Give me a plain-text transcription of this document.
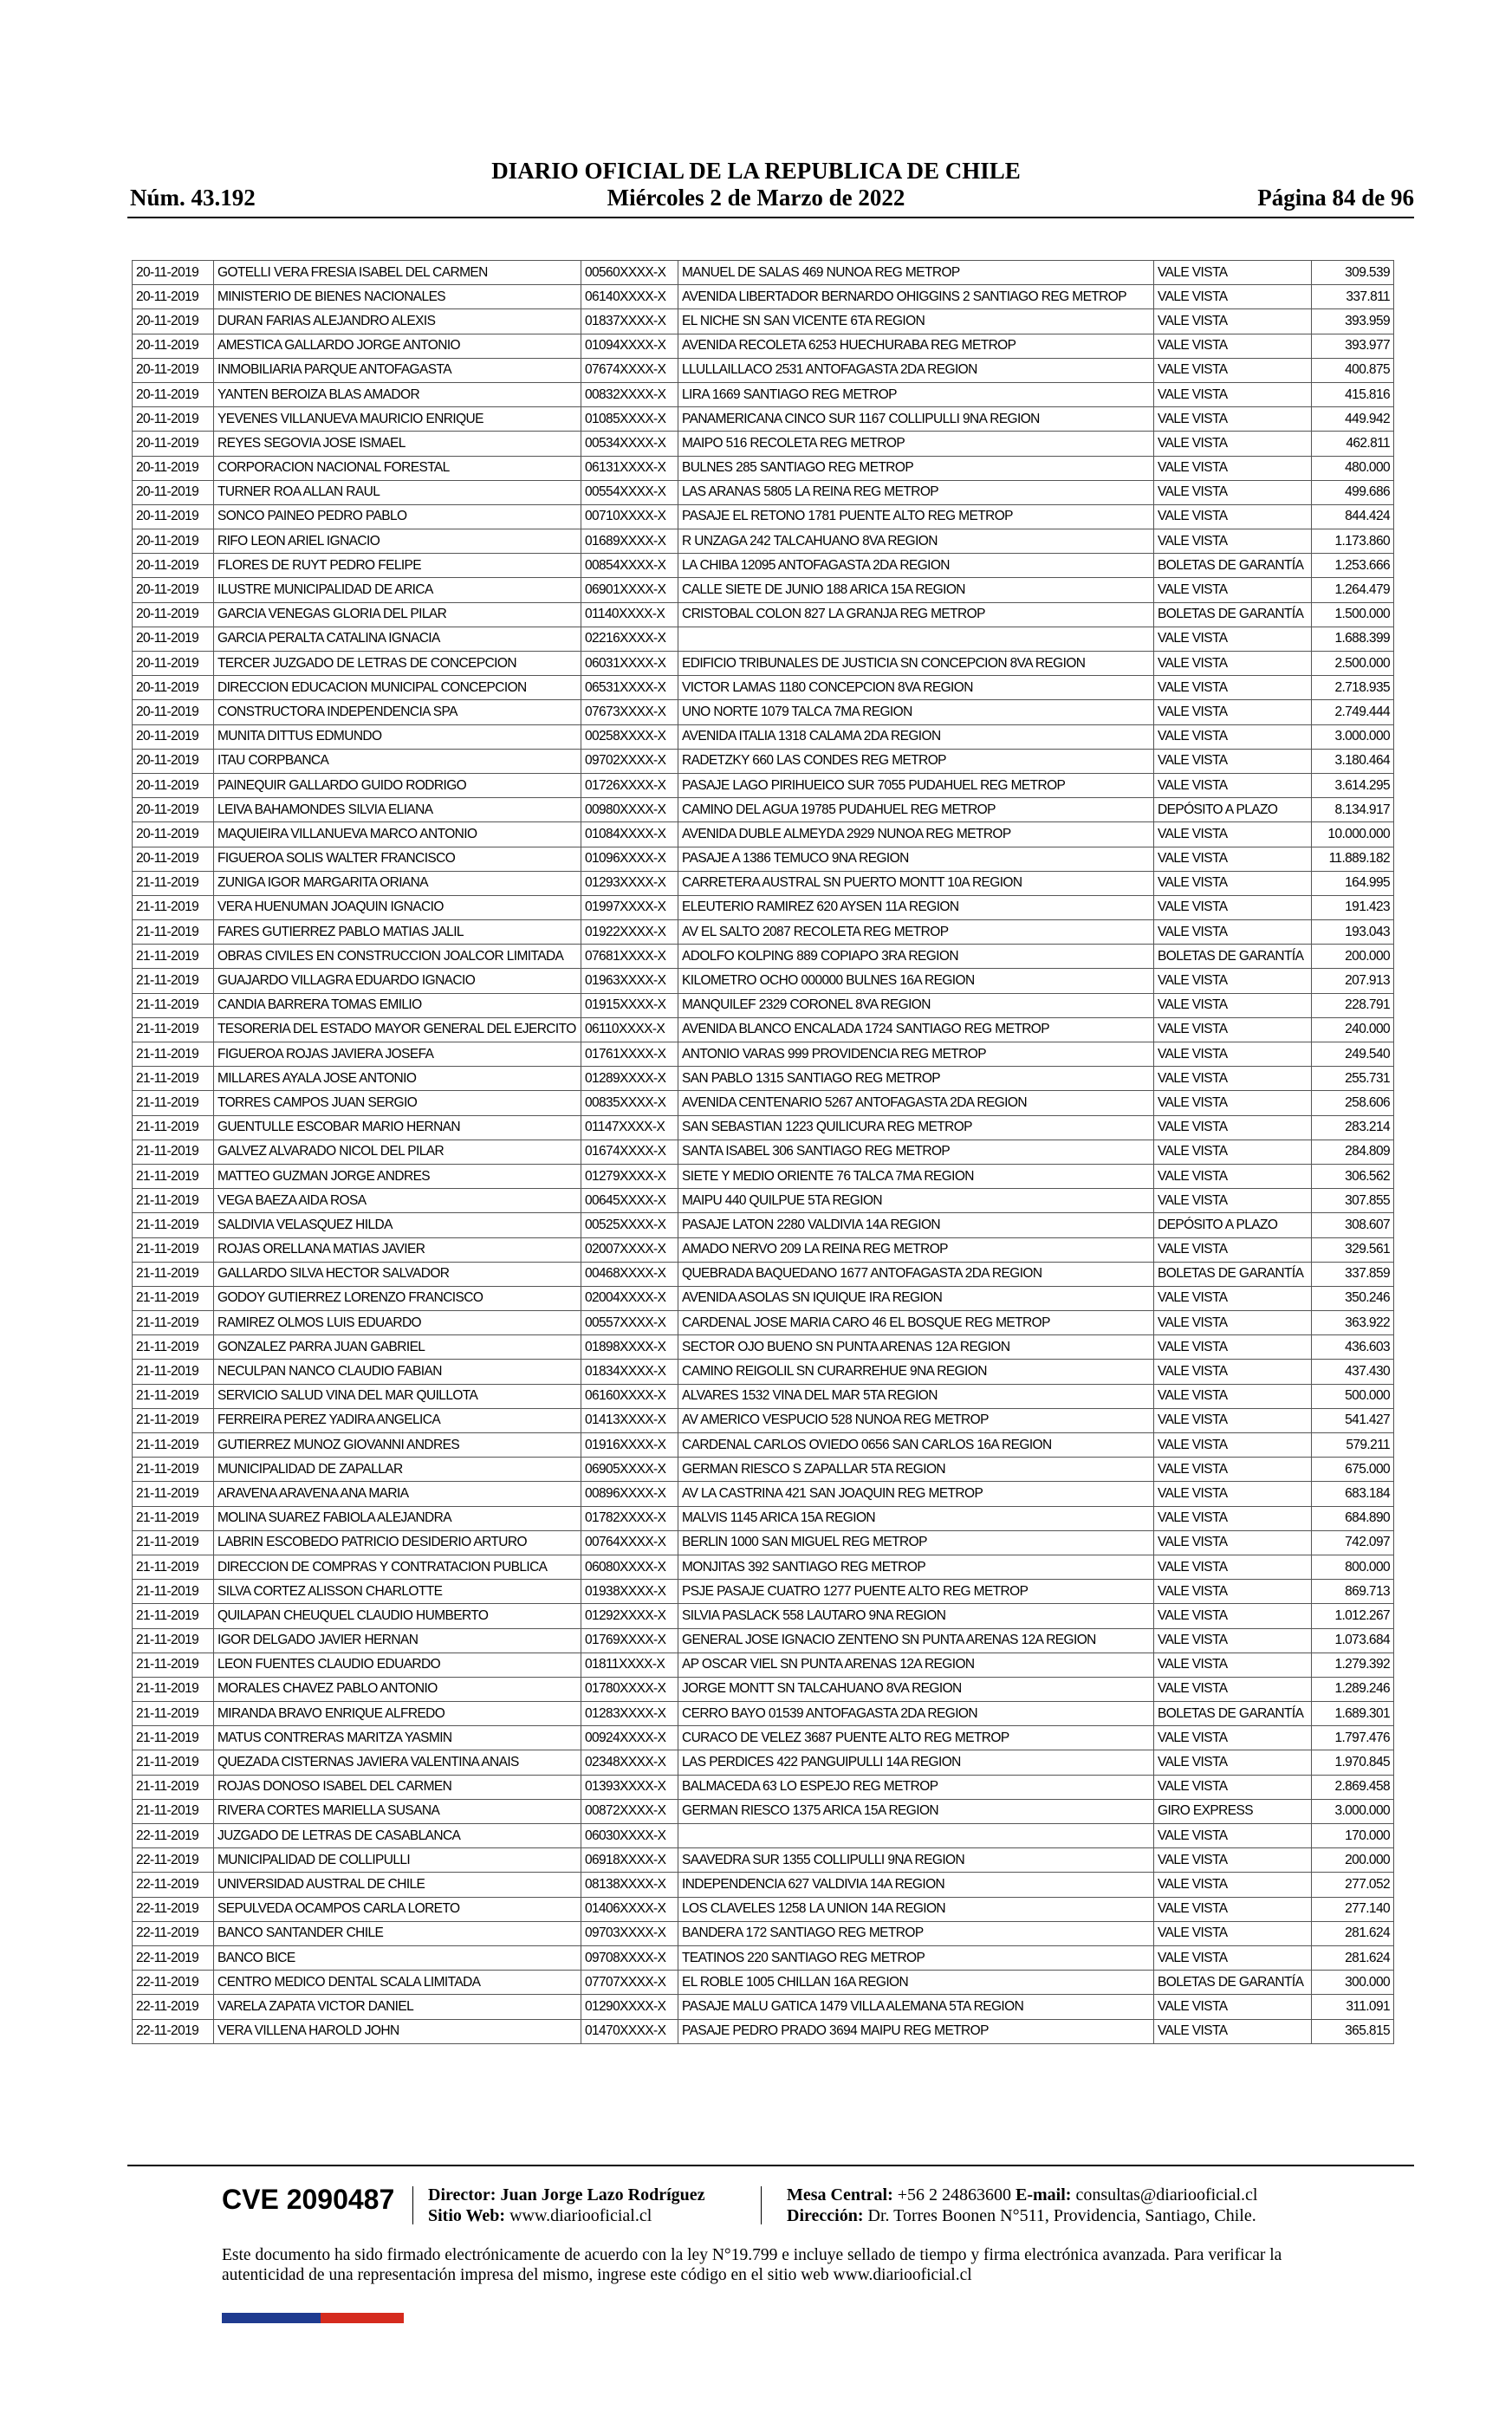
Núm. 43.192
DIARIO OFICIAL DE LA REPUBLICA DE CHILE
Miércoles 2 de Marzo de 2022	Página 84 de 96
20-11-2019	GOTELLI VERA FRESIA ISABEL DEL CARMEN	00560XXXX-X	MANUEL DE SALAS 469 NUNOA REG METROP	VALE VISTA	309.539
20-11-2019	MINISTERIO DE BIENES NACIONALES	06140XXXX-X	AVENIDA LIBERTADOR BERNARDO OHIGGINS 2 SANTIAGO REG METROP	VALE VISTA	337.811
20-11-2019	DURAN FARIAS ALEJANDRO ALEXIS	01837XXXX-X	EL NICHE SN SAN VICENTE 6TA REGION	VALE VISTA	393.959
20-11-2019	AMESTICA GALLARDO JORGE ANTONIO	01094XXXX-X	AVENIDA RECOLETA 6253 HUECHURABA REG METROP	VALE VISTA	393.977
20-11-2019	INMOBILIARIA PARQUE ANTOFAGASTA	07674XXXX-X	LLULLAILLACO 2531 ANTOFAGASTA 2DA REGION	VALE VISTA	400.875
20-11-2019	YANTEN BEROIZA BLAS AMADOR	00832XXXX-X	LIRA 1669 SANTIAGO REG METROP	VALE VISTA	415.816
20-11-2019	YEVENES VILLANUEVA MAURICIO ENRIQUE	01085XXXX-X	PANAMERICANA CINCO SUR 1167 COLLIPULLI 9NA REGION	VALE VISTA	449.942
20-11-2019	REYES SEGOVIA JOSE ISMAEL	00534XXXX-X	MAIPO 516 RECOLETA REG METROP	VALE VISTA	462.811
20-11-2019	CORPORACION NACIONAL FORESTAL	06131XXXX-X	BULNES 285 SANTIAGO REG METROP	VALE VISTA	480.000
20-11-2019	TURNER ROA ALLAN RAUL	00554XXXX-X	LAS ARANAS 5805 LA REINA REG METROP	VALE VISTA	499.686
20-11-2019	SONCO PAINEO PEDRO PABLO	00710XXXX-X	PASAJE EL RETONO 1781 PUENTE ALTO REG METROP	VALE VISTA	844.424
20-11-2019	RIFO LEON ARIEL IGNACIO	01689XXXX-X	R UNZAGA 242 TALCAHUANO 8VA REGION	VALE VISTA	1.173.860
20-11-2019	FLORES DE RUYT PEDRO FELIPE	00854XXXX-X	LA CHIBA 12095 ANTOFAGASTA 2DA REGION	BOLETAS DE GARANTÍA	1.253.666
20-11-2019	ILUSTRE MUNICIPALIDAD DE ARICA	06901XXXX-X	CALLE SIETE DE JUNIO 188 ARICA 15A REGION	VALE VISTA	1.264.479
20-11-2019	GARCIA VENEGAS GLORIA DEL PILAR	01140XXXX-X	CRISTOBAL COLON 827 LA GRANJA REG METROP	BOLETAS DE GARANTÍA	1.500.000
20-11-2019	GARCIA PERALTA CATALINA IGNACIA	02216XXXX-X		VALE VISTA	1.688.399
20-11-2019	TERCER JUZGADO DE LETRAS DE CONCEPCION	06031XXXX-X	EDIFICIO TRIBUNALES DE JUSTICIA SN CONCEPCION 8VA REGION	VALE VISTA	2.500.000
20-11-2019	DIRECCION EDUCACION MUNICIPAL CONCEPCION	06531XXXX-X	VICTOR LAMAS 1180 CONCEPCION 8VA REGION	VALE VISTA	2.718.935
20-11-2019	CONSTRUCTORA INDEPENDENCIA SPA	07673XXXX-X	UNO NORTE 1079 TALCA 7MA REGION	VALE VISTA	2.749.444
20-11-2019	MUNITA DITTUS EDMUNDO	00258XXXX-X	AVENIDA ITALIA 1318 CALAMA 2DA REGION	VALE VISTA	3.000.000
20-11-2019	ITAU CORPBANCA	09702XXXX-X	RADETZKY 660 LAS CONDES REG METROP	VALE VISTA	3.180.464
20-11-2019	PAINEQUIR GALLARDO GUIDO RODRIGO	01726XXXX-X	PASAJE LAGO PIRIHUEICO SUR 7055 PUDAHUEL REG METROP	VALE VISTA	3.614.295
20-11-2019	LEIVA BAHAMONDES SILVIA ELIANA	00980XXXX-X	CAMINO DEL AGUA 19785 PUDAHUEL REG METROP	DEPÓSITO A PLAZO	8.134.917
20-11-2019	MAQUIEIRA VILLANUEVA MARCO ANTONIO	01084XXXX-X	AVENIDA DUBLE ALMEYDA 2929 NUNOA REG METROP	VALE VISTA	10.000.000
20-11-2019	FIGUEROA SOLIS WALTER FRANCISCO	01096XXXX-X	PASAJE A 1386 TEMUCO 9NA REGION	VALE VISTA	11.889.182
21-11-2019	ZUNIGA IGOR MARGARITA ORIANA	01293XXXX-X	CARRETERA AUSTRAL SN PUERTO MONTT 10A REGION	VALE VISTA	164.995
21-11-2019	VERA HUENUMAN JOAQUIN IGNACIO	01997XXXX-X	ELEUTERIO RAMIREZ 620 AYSEN 11A REGION	VALE VISTA	191.423
21-11-2019	FARES GUTIERREZ PABLO MATIAS JALIL	01922XXXX-X	AV EL SALTO 2087 RECOLETA REG METROP	VALE VISTA	193.043
21-11-2019	OBRAS CIVILES EN CONSTRUCCION JOALCOR LIMITADA	07681XXXX-X	ADOLFO KOLPING 889 COPIAPO 3RA REGION	BOLETAS DE GARANTÍA	200.000
21-11-2019	GUAJARDO VILLAGRA EDUARDO IGNACIO	01963XXXX-X	KILOMETRO OCHO 000000 BULNES 16A REGION	VALE VISTA	207.913
21-11-2019	CANDIA BARRERA TOMAS EMILIO	01915XXXX-X	MANQUILEF 2329 CORONEL 8VA REGION	VALE VISTA	228.791
21-11-2019	TESORERIA DEL ESTADO MAYOR GENERAL DEL EJERCITO	06110XXXX-X	AVENIDA BLANCO ENCALADA 1724 SANTIAGO REG METROP	VALE VISTA	240.000
21-11-2019	FIGUEROA ROJAS JAVIERA JOSEFA	01761XXXX-X	ANTONIO VARAS 999 PROVIDENCIA REG METROP	VALE VISTA	249.540
21-11-2019	MILLARES AYALA JOSE ANTONIO	01289XXXX-X	SAN PABLO 1315 SANTIAGO REG METROP	VALE VISTA	255.731
21-11-2019	TORRES CAMPOS JUAN SERGIO	00835XXXX-X	AVENIDA CENTENARIO 5267 ANTOFAGASTA 2DA REGION	VALE VISTA	258.606
21-11-2019	GUENTULLE ESCOBAR MARIO HERNAN	01147XXXX-X	SAN SEBASTIAN 1223 QUILICURA REG METROP	VALE VISTA	283.214
21-11-2019	GALVEZ ALVARADO NICOL DEL PILAR	01674XXXX-X	SANTA ISABEL 306 SANTIAGO REG METROP	VALE VISTA	284.809
21-11-2019	MATTEO GUZMAN JORGE ANDRES	01279XXXX-X	SIETE Y MEDIO ORIENTE 76 TALCA 7MA REGION	VALE VISTA	306.562
21-11-2019	VEGA BAEZA AIDA ROSA	00645XXXX-X	MAIPU 440 QUILPUE 5TA REGION	VALE VISTA	307.855
21-11-2019	SALDIVIA VELASQUEZ HILDA	00525XXXX-X	PASAJE LATON 2280 VALDIVIA 14A REGION	DEPÓSITO A PLAZO	308.607
21-11-2019	ROJAS ORELLANA MATIAS JAVIER	02007XXXX-X	AMADO NERVO 209 LA REINA REG METROP	VALE VISTA	329.561
21-11-2019	GALLARDO SILVA HECTOR SALVADOR	00468XXXX-X	QUEBRADA BAQUEDANO 1677 ANTOFAGASTA 2DA REGION	BOLETAS DE GARANTÍA	337.859
21-11-2019	GODOY GUTIERREZ LORENZO FRANCISCO	02004XXXX-X	AVENIDA ASOLAS SN IQUIQUE IRA REGION	VALE VISTA	350.246
21-11-2019	RAMIREZ OLMOS LUIS EDUARDO	00557XXXX-X	CARDENAL JOSE MARIA CARO 46 EL BOSQUE REG METROP	VALE VISTA	363.922
21-11-2019	GONZALEZ PARRA JUAN GABRIEL	01898XXXX-X	SECTOR OJO BUENO SN PUNTA ARENAS 12A REGION	VALE VISTA	436.603
21-11-2019	NECULPAN NANCO CLAUDIO FABIAN	01834XXXX-X	CAMINO REIGOLIL SN CURARREHUE 9NA REGION	VALE VISTA	437.430
21-11-2019	SERVICIO SALUD VINA DEL MAR QUILLOTA	06160XXXX-X	ALVARES 1532 VINA DEL MAR 5TA REGION	VALE VISTA	500.000
21-11-2019	FERREIRA PEREZ YADIRA ANGELICA	01413XXXX-X	AV AMERICO VESPUCIO 528 NUNOA REG METROP	VALE VISTA	541.427
21-11-2019	GUTIERREZ MUNOZ GIOVANNI ANDRES	01916XXXX-X	CARDENAL CARLOS OVIEDO 0656 SAN CARLOS 16A REGION	VALE VISTA	579.211
21-11-2019	MUNICIPALIDAD DE ZAPALLAR	06905XXXX-X	GERMAN RIESCO S ZAPALLAR 5TA REGION	VALE VISTA	675.000
21-11-2019	ARAVENA ARAVENA ANA MARIA	00896XXXX-X	AV LA CASTRINA 421 SAN JOAQUIN REG METROP	VALE VISTA	683.184
21-11-2019	MOLINA SUAREZ FABIOLA ALEJANDRA	01782XXXX-X	MALVIS 1145 ARICA 15A REGION	VALE VISTA	684.890
21-11-2019	LABRIN ESCOBEDO PATRICIO DESIDERIO ARTURO	00764XXXX-X	BERLIN 1000 SAN MIGUEL REG METROP	VALE VISTA	742.097
21-11-2019	DIRECCION DE COMPRAS Y CONTRATACION PUBLICA	06080XXXX-X	MONJITAS 392 SANTIAGO REG METROP	VALE VISTA	800.000
21-11-2019	SILVA CORTEZ ALISSON CHARLOTTE	01938XXXX-X	PSJE PASAJE CUATRO 1277 PUENTE ALTO REG METROP	VALE VISTA	869.713
21-11-2019	QUILAPAN CHEUQUEL CLAUDIO HUMBERTO	01292XXXX-X	SILVIA PASLACK 558 LAUTARO 9NA REGION	VALE VISTA	1.012.267
21-11-2019	IGOR DELGADO JAVIER HERNAN	01769XXXX-X	GENERAL JOSE IGNACIO ZENTENO SN PUNTA ARENAS 12A REGION	VALE VISTA	1.073.684
21-11-2019	LEON FUENTES CLAUDIO EDUARDO	01811XXXX-X	AP OSCAR VIEL SN PUNTA ARENAS 12A REGION	VALE VISTA	1.279.392
21-11-2019	MORALES CHAVEZ PABLO ANTONIO	01780XXXX-X	JORGE MONTT SN TALCAHUANO 8VA REGION	VALE VISTA	1.289.246
21-11-2019	MIRANDA BRAVO ENRIQUE ALFREDO	01283XXXX-X	CERRO BAYO 01539 ANTOFAGASTA 2DA REGION	BOLETAS DE GARANTÍA	1.689.301
21-11-2019	MATUS CONTRERAS MARITZA YASMIN	00924XXXX-X	CURACO DE VELEZ 3687 PUENTE ALTO REG METROP	VALE VISTA	1.797.476
21-11-2019	QUEZADA CISTERNAS JAVIERA VALENTINA ANAIS	02348XXXX-X	LAS PERDICES 422 PANGUIPULLI 14A REGION	VALE VISTA	1.970.845
21-11-2019	ROJAS DONOSO ISABEL DEL CARMEN	01393XXXX-X	BALMACEDA 63 LO ESPEJO REG METROP	VALE VISTA	2.869.458
21-11-2019	RIVERA CORTES MARIELLA SUSANA	00872XXXX-X	GERMAN RIESCO 1375 ARICA 15A REGION	GIRO EXPRESS	3.000.000
22-11-2019	JUZGADO DE LETRAS DE CASABLANCA	06030XXXX-X		VALE VISTA	170.000
22-11-2019	MUNICIPALIDAD DE COLLIPULLI	06918XXXX-X	SAAVEDRA SUR 1355 COLLIPULLI 9NA REGION	VALE VISTA	200.000
22-11-2019	UNIVERSIDAD AUSTRAL DE CHILE	08138XXXX-X	INDEPENDENCIA 627 VALDIVIA 14A REGION	VALE VISTA	277.052
22-11-2019	SEPULVEDA OCAMPOS CARLA LORETO	01406XXXX-X	LOS CLAVELES 1258 LA UNION 14A REGION	VALE VISTA	277.140
22-11-2019	BANCO SANTANDER CHILE	09703XXXX-X	BANDERA 172 SANTIAGO REG METROP	VALE VISTA	281.624
22-11-2019	BANCO BICE	09708XXXX-X	TEATINOS 220 SANTIAGO REG METROP	VALE VISTA	281.624
22-11-2019	CENTRO MEDICO DENTAL SCALA LIMITADA	07707XXXX-X	EL ROBLE 1005 CHILLAN 16A REGION	BOLETAS DE GARANTÍA	300.000
22-11-2019	VARELA ZAPATA VICTOR DANIEL	01290XXXX-X	PASAJE MALU GATICA 1479 VILLA ALEMANA 5TA REGION	VALE VISTA	311.091
22-11-2019	VERA VILLENA HAROLD JOHN	01470XXXX-X	PASAJE PEDRO PRADO 3694 MAIPU REG METROP	VALE VISTA	365.815
CVE 2090487 Director: Juan Jorge Lazo Rodríguez
Sitio Web: www.diariooficial.cl
Mesa Central: +56 2 24863600 E-mail: consultas@diariooficial.cl
Dirección: Dr. Torres Boonen N°511, Providencia, Santiago, Chile.
Este documento ha sido firmado electrónicamente de acuerdo con la ley N°19.799 e incluye sellado de tiempo y firma electrónica avanzada. Para verificar la autenticidad de una representación impresa del mismo, ingrese este código en el sitio web www.diariooficial.cl
